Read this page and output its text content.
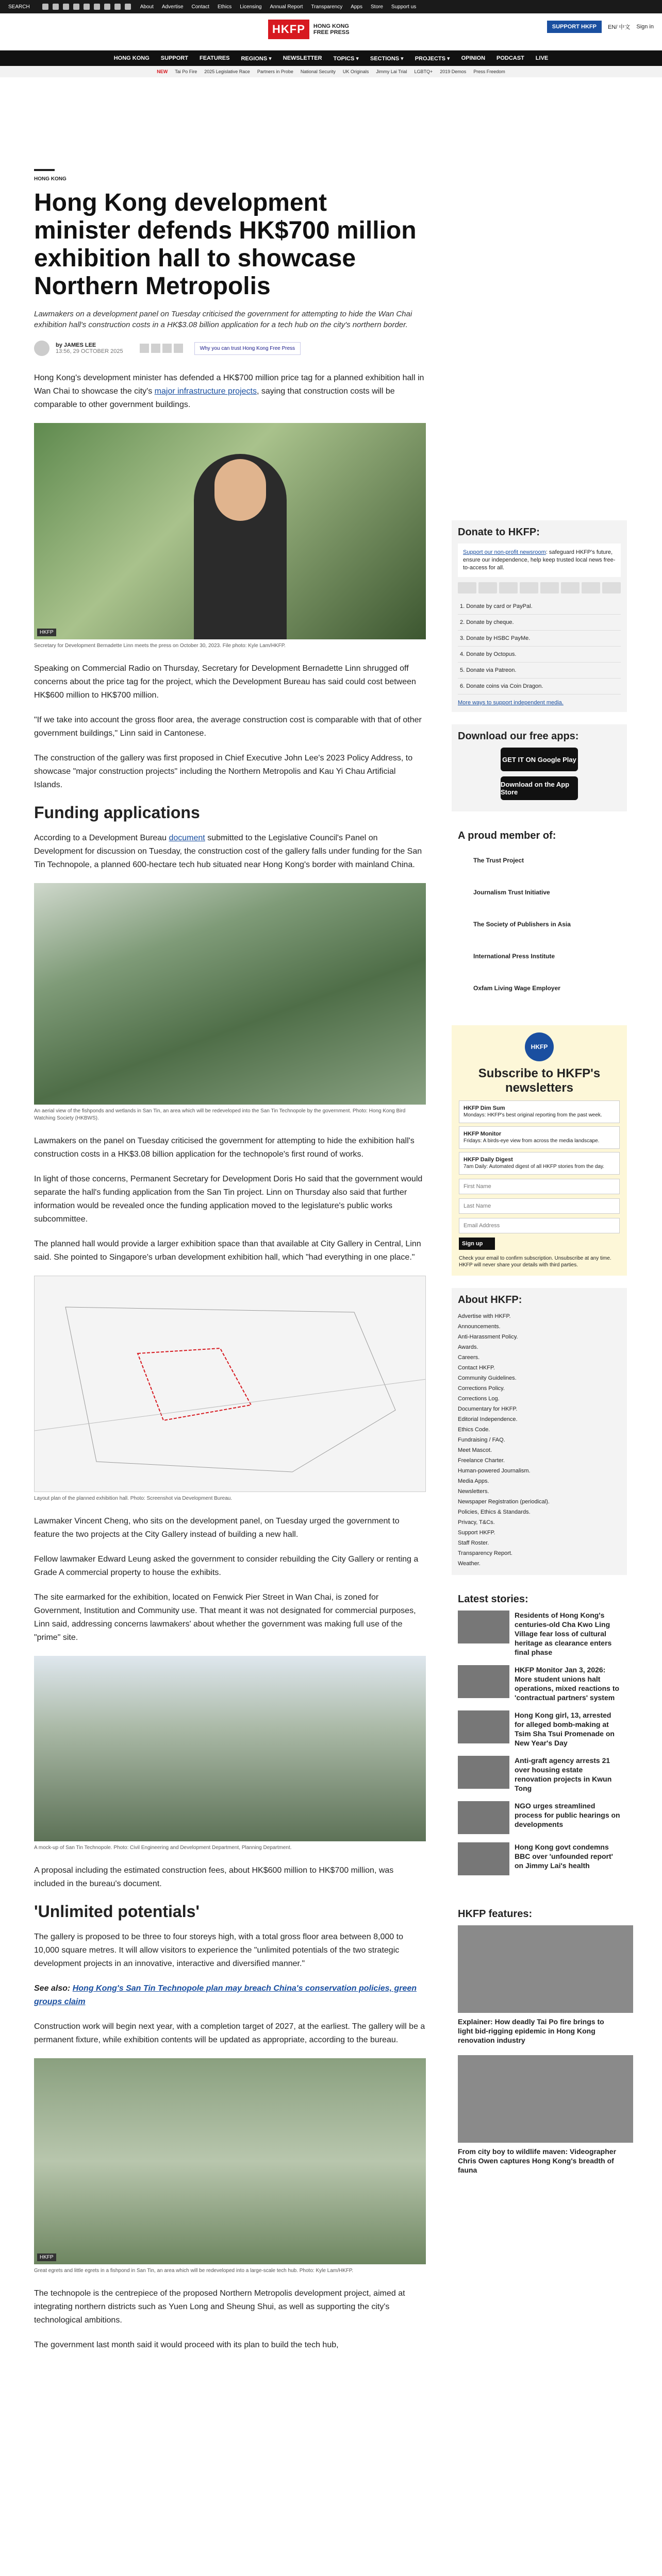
SEARCH	About Advertise Contact Ethics Licensing Annual Report Transparency Apps Store Support us
HKFP	HONG KONG
FREE PRESS
SUPPORT HKFP	EN/ 中文 Sign in
HONG KONG SUPPORT FEATURES REGIONS ▾ NEWSLETTER TOPICS ▾ SECTIONS ▾ PROJECTS ▾ OPINION PODCAST LIVE
NEW Tai Po Fire 2025 Legislative Race Partners in Probe National Security UK Originals Jimmy Lai Trial LGBTQ+ 2019 Demos Press Freedom
HONG KONG
Hong Kong development minister defends HK$700 million exhibition hall to showcase Northern Metropolis
Lawmakers on a development panel on Tuesday criticised the government for attempting to hide the Wan Chai exhibition hall's construction costs in a HK$3.08 billion application for a tech hub on the city's northern border.
by JAMES LEE
13:56, 29 OCTOBER 2025	Why you can trust Hong Kong Free Press

Hong Kong's development minister has defended a HK$700 million price tag for a planned exhibition hall in Wan Chai to showcase the city's major infrastructure projects, saying that construction costs will be comparable to other government buildings.

HKFP
Secretary for Development Bernadette Linn meets the press on October 30, 2023. File photo: Kyle Lam/HKFP.

Speaking on Commercial Radio on Thursday, Secretary for Development Bernadette Linn shrugged off concerns about the price tag for the project, which the Development Bureau has said could cost between HK$600 million to HK$700 million.

"If we take into account the gross floor area, the average construction cost is comparable with that of other government buildings," Linn said in Cantonese.

The construction of the gallery was first proposed in Chief Executive John Lee's 2023 Policy Address, to showcase "major construction projects" including the Northern Metropolis and Kau Yi Chau Artificial Islands.

Funding applications

According to a Development Bureau document submitted to the Legislative Council's Panel on Development for discussion on Tuesday, the construction cost of the gallery falls under funding for the San Tin Technopole, a planned 600-hectare tech hub situated near Hong Kong's border with mainland China.

An aerial view of the fishponds and wetlands in San Tin, an area which will be redeveloped into the San Tin Technopole by the government. Photo: Hong Kong Bird Watching Society (HKBWS).

Lawmakers on the panel on Tuesday criticised the government for attempting to hide the exhibition hall's construction costs in a HK$3.08 billion application for the technopole's first round of works.

In light of those concerns, Permanent Secretary for Development Doris Ho said that the government would separate the hall's funding application from the San Tin project. Linn on Thursday also said that further information would be revealed once the funding application moved to the legislature's public works subcommittee.

The planned hall would provide a larger exhibition space than that available at City Gallery in Central, Linn said. She pointed to Singapore's urban development exhibition hall, which "had everything in one place."

Layout plan of the planned exhibition hall. Photo: Screenshot via Development Bureau.

Lawmaker Vincent Cheng, who sits on the development panel, on Tuesday urged the government to feature the two projects at the City Gallery instead of building a new hall.

Fellow lawmaker Edward Leung asked the government to consider rebuilding the City Gallery or renting a Grade A commercial property to house the exhibits.

The site earmarked for the exhibition, located on Fenwick Pier Street in Wan Chai, is zoned for Government, Institution and Community use. That meant it was not designated for commercial purposes, Linn said, addressing concerns lawmakers' about whether the government was making full use of the "prime" site.

A mock-up of San Tin Technopole. Photo: Civil Engineering and Development Department, Planning Department.

A proposal including the estimated construction fees, about HK$600 million to HK$700 million, was included in the bureau's document.

'Unlimited potentials'

The gallery is proposed to be three to four storeys high, with a total gross floor area between 8,000 to 10,000 square metres. It will allow visitors to experience the "unlimited potentials of the two strategic development projects in an innovative, interactive and diversified manner."

See also: Hong Kong's San Tin Technopole plan may breach China's conservation policies, green groups claim

Construction work will begin next year, with a completion target of 2027, at the earliest. The gallery will be a permanent fixture, while exhibition contents will be updated as appropriate, according to the bureau.

HKFP
Great egrets and little egrets in a fishpond in San Tin, an area which will be redeveloped into a large-scale tech hub. Photo: Kyle Lam/HKFP.

The technopole is the centrepiece of the proposed Northern Metropolis development project, aimed at integrating northern districts such as Yuen Long and Sheung Shui, as well as supporting the city's technological ambitions.

The government last month said it would proceed with its plan to build the tech hub,

Donate to HKFP:
Support our non-profit newsroom: safeguard HKFP's future, ensure our independence, help keep trusted local news free-to-access for all.
1. Donate by card or PayPal.
2. Donate by cheque.
3. Donate by HSBC PayMe.
4. Donate by Octopus.
5. Donate via Patreon.
6. Donate coins via Coin Dragon.
More ways to support independent media.
Download our free apps:
GET IT ON Google Play
Download on the App Store
A proud member of:
The Trust Project
Journalism Trust Initiative
The Society of Publishers in Asia
International Press Institute
Oxfam Living Wage Employer
HKFP
Subscribe to HKFP's newsletters
HKFP Dim Sum
Mondays: HKFP's best original reporting from the past week.
HKFP Monitor
Fridays: A birds-eye view from across the media landscape.
HKFP Daily Digest
7am Daily: Automated digest of all HKFP stories from the day.
First Name
Last Name
Email Address
Sign up
Check your email to confirm subscription. Unsubscribe at any time. HKFP will never share your details with third parties.
About HKFP:
Advertise with HKFP.
Announcements.
Anti-Harassment Policy.
Awards.
Careers.
Contact HKFP.
Community Guidelines.
Corrections Policy.
Corrections Log.
Documentary for HKFP.
Editorial Independence.
Ethics Code.
Fundraising / FAQ.
Meet Mascot.
Freelance Charter.
Human-powered Journalism.
Media Apps.
Newsletters.
Newspaper Registration (periodical).
Policies, Ethics & Standards.
Privacy, T&Cs.
Support HKFP.
Staff Roster.
Transparency Report.
Weather.
Latest stories:
Residents of Hong Kong's centuries-old Cha Kwo Ling Village fear loss of cultural heritage as clearance enters final phase
HKFP Monitor Jan 3, 2026: More student unions halt operations, mixed reactions to 'contractual partners' system
Hong Kong girl, 13, arrested for alleged bomb-making at Tsim Sha Tsui Promenade on New Year's Day
Anti-graft agency arrests 21 over housing estate renovation projects in Kwun Tong
NGO urges streamlined process for public hearings on developments
Hong Kong govt condemns BBC over 'unfounded report' on Jimmy Lai's health
HKFP features:
Explainer: How deadly Tai Po fire brings to light bid-rigging epidemic in Hong Kong renovation industry
From city boy to wildlife maven: Videographer Chris Owen captures Hong Kong's breadth of fauna
